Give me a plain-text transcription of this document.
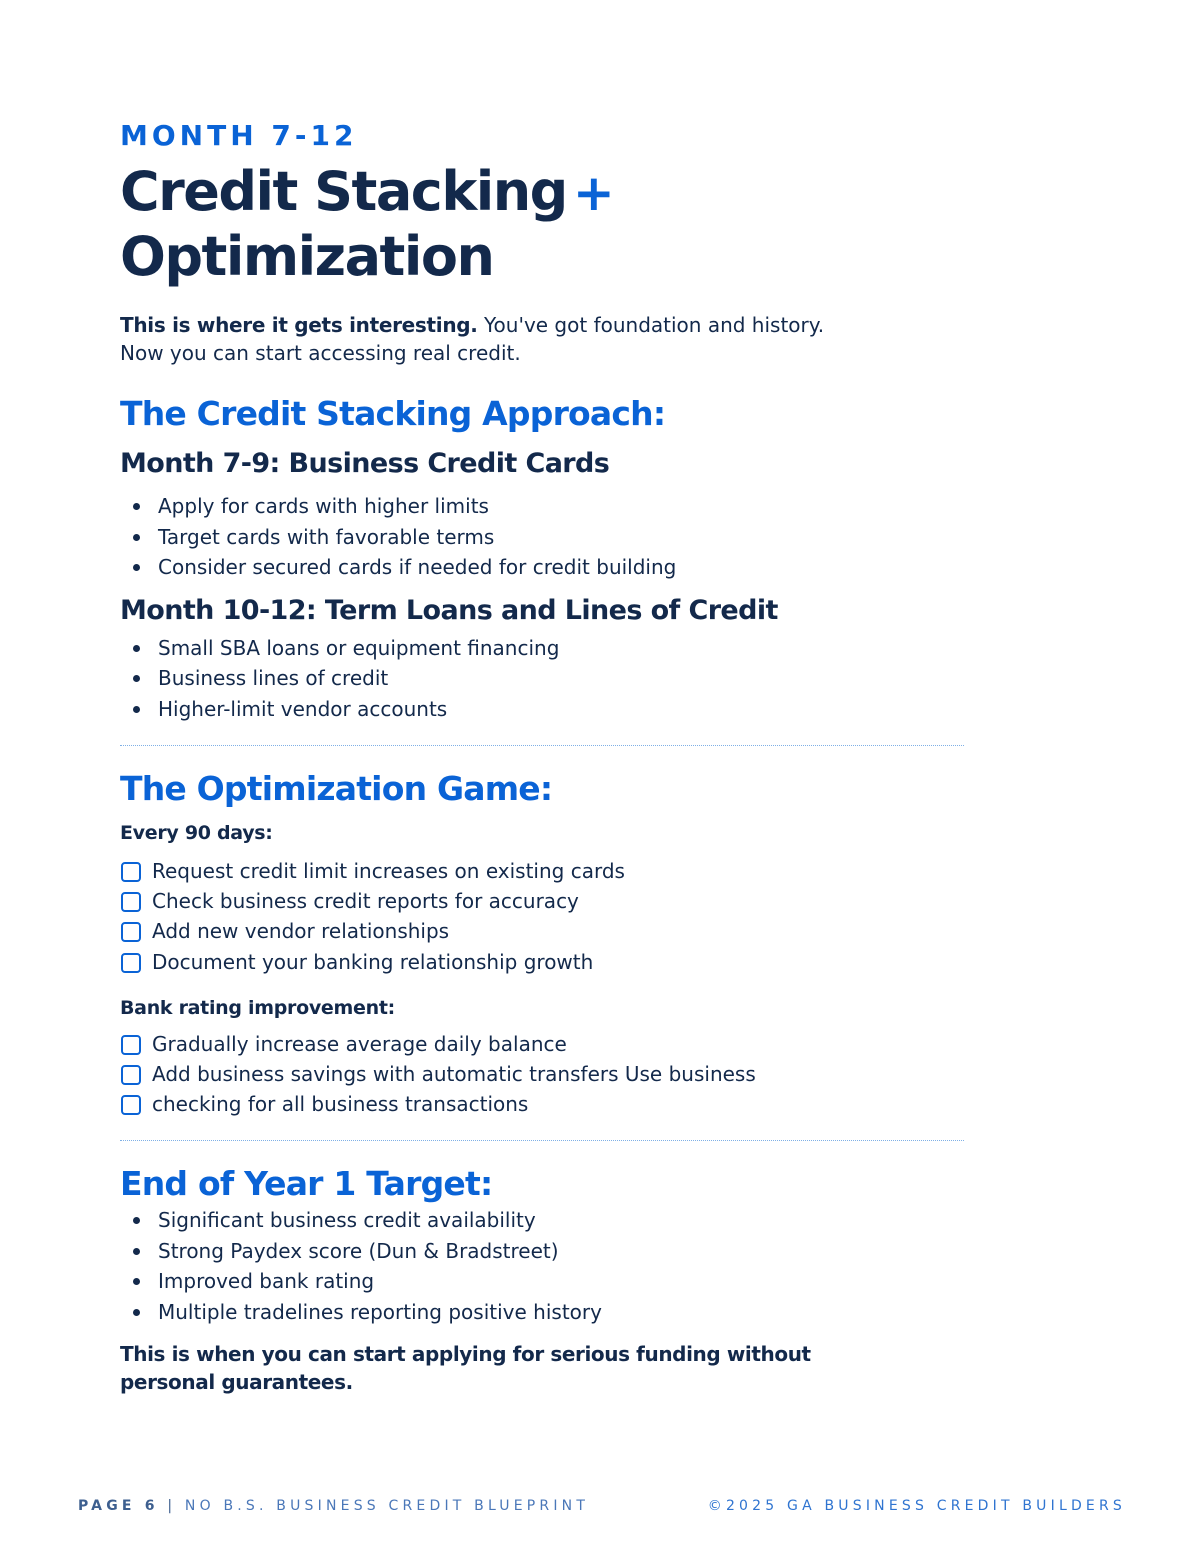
MONTH 7-12

Credit Stacking +
Optimization

This is where it gets interesting. You've got foundation and history.
Now you can start accessing real credit.

The Credit Stacking Approach:
Month 7-9: Business Credit Cards
Apply for cards with higher limits
Target cards with favorable terms
Consider secured cards if needed for credit building
Month 10-12: Term Loans and Lines of Credit
Small SBA loans or equipment financing
Business lines of credit
Higher-limit vendor accounts
The Optimization Game:

Every 90 days:

Request credit limit increases on existing cards
Check business credit reports for accuracy
Add new vendor relationships
Document your banking relationship growth

Bank rating improvement:

Gradually increase average daily balance
Add business savings with automatic transfers Use business
checking for all business transactions
End of Year 1 Target:
Significant business credit availability
Strong Paydex score (Dun & Bradstreet)
Improved bank rating
Multiple tradelines reporting positive history

This is when you can start applying for serious funding without personal guarantees.

PAGE 6 | NO B.S. BUSINESS CREDIT BLUEPRINT	©2025 GA BUSINESS CREDIT BUILDERS
